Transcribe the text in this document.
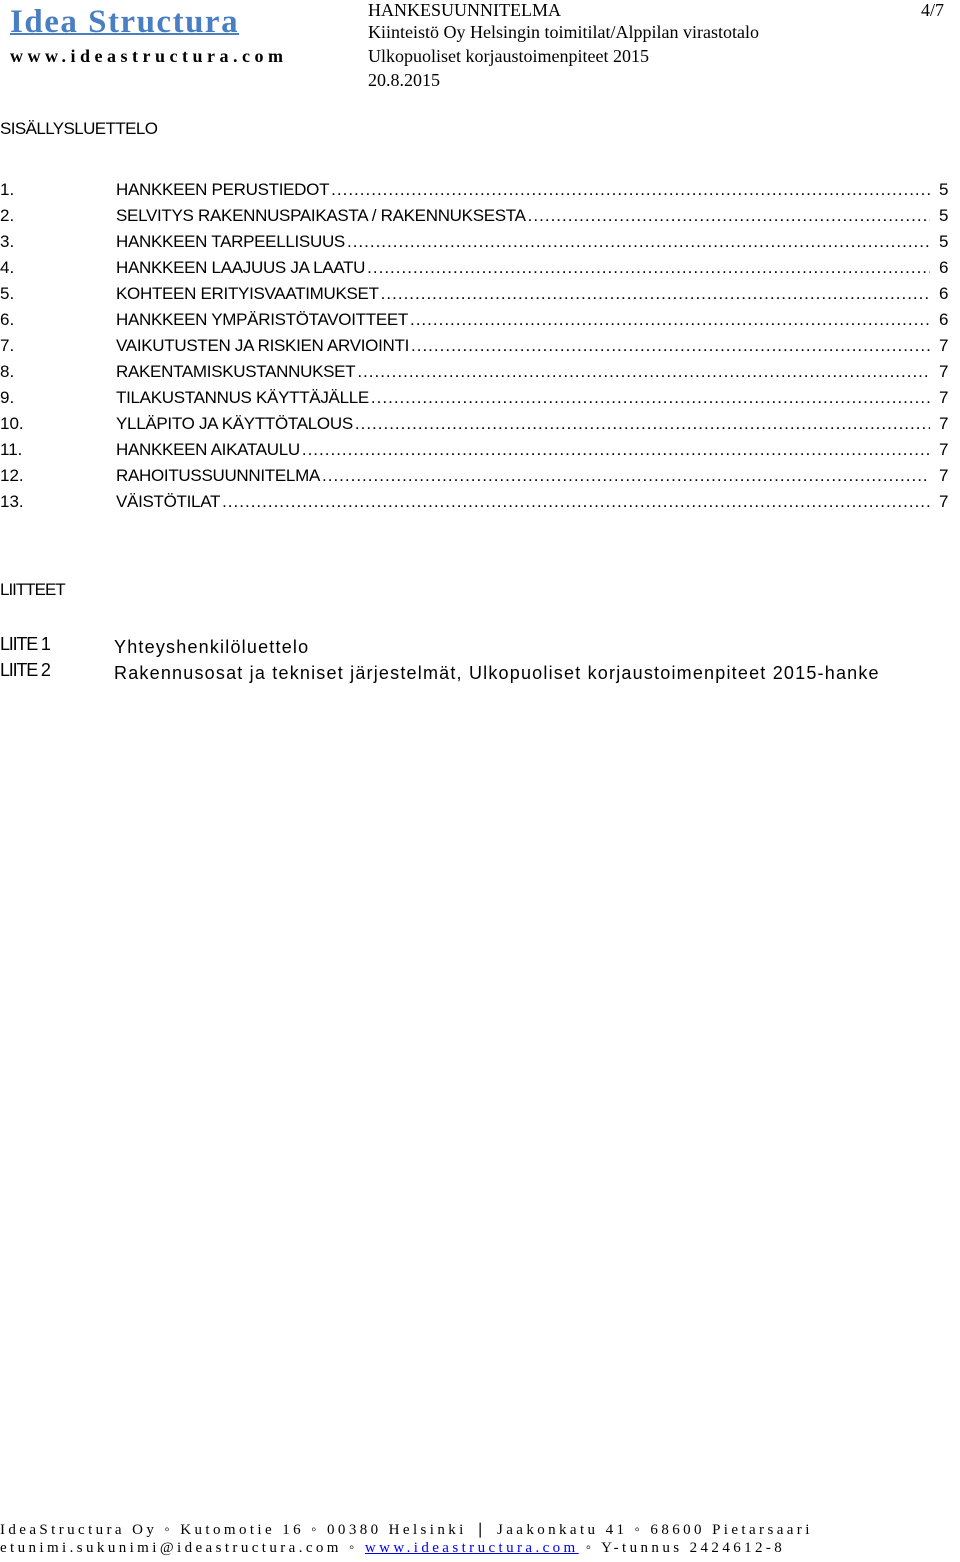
Idea Structura
www.ideastructura.com
HANKESUUNNITELMA
Kiinteistö Oy Helsingin toimitilat/Alppilan virastotalo
Ulkopuoliset korjaustoimenpiteet 2015
20.8.2015
4/7
SISÄLLYSLUETTELO
1.	HANKKEEN PERUSTIEDOT .....	5
2.	SELVITYS RAKENNUSPAIKASTA / RAKENNUKSESTA .....	5
3.	HANKKEEN TARPEELLISUUS .....	5
4.	HANKKEEN LAAJUUS JA LAATU .....	6
5.	KOHTEEN ERITYISVAATIMUKSET .....	6
6.	HANKKEEN YMPÄRISTÖTAVOITTEET .....	6
7.	VAIKUTUSTEN JA RISKIEN ARVIOINTI .....	7
8.	RAKENTAMISKUSTANNUKSET .....	7
9.	TILAKUSTANNUS KÄYTTÄJÄLLE .....	7
10.	YLLÄPITO JA KÄYTTÖTALOUS .....	7
11.	HANKKEEN AIKATAULU .....	7
12.	RAHOITUSSUUNNITELMA .....	7
13.	VÄISTÖTILAT .....	7
LIITTEET
LIITE 1	Yhteyshenkilöluettelo
LIITE 2	Rakennusosat ja tekniset järjestelmät, Ulkopuoliset korjaustoimenpiteet 2015-hanke
IdeaStructura Oy ◦ Kutomotie 16 ◦ 00380 Helsinki ❘ Jaakonkatu 41 ◦ 68600 Pietarsaari
etunimi.sukunimi@ideastructura.com ◦ www.ideastructura.com ◦ Y-tunnus 2424612-8
